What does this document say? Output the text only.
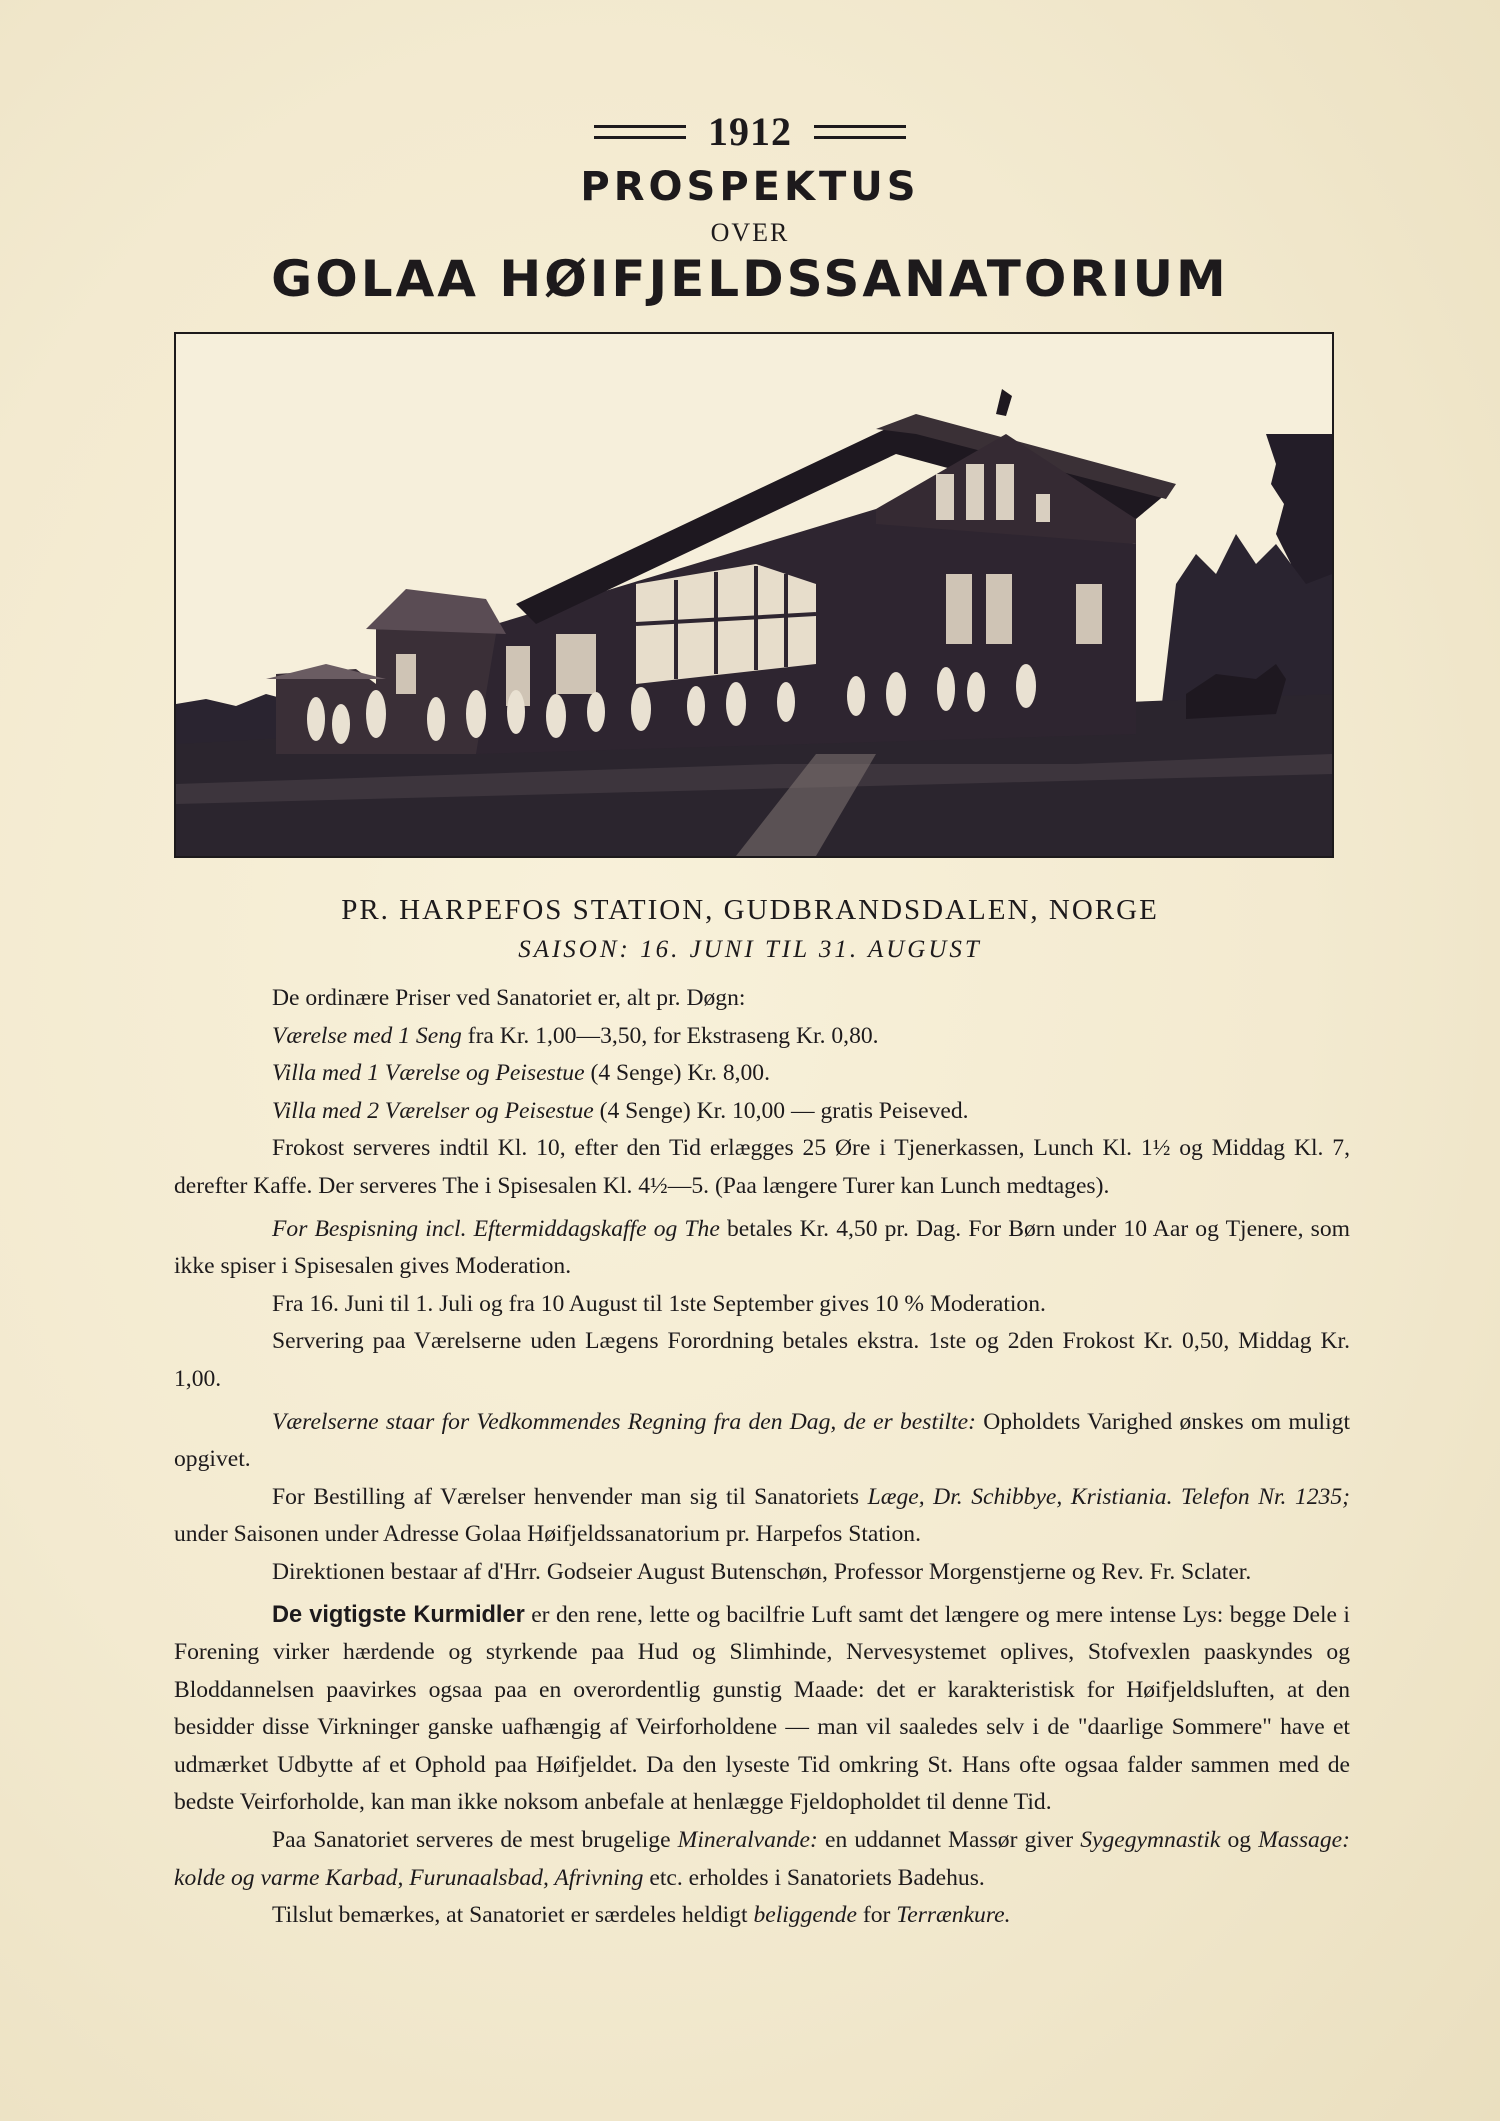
1912
PROSPEKTUS
OVER
GOLAA HØIFJELDSSANATORIUM
PR. HARPEFOS STATION, GUDBRANDSDALEN, NORGE
SAISON: 16. JUNI TIL 31. AUGUST

De ordinære Priser ved Sanatoriet er, alt pr. Døgn:

Værelse med 1 Seng fra Kr. 1,00—3,50, for Ekstraseng Kr. 0,80.

Villa med 1 Værelse og Peisestue (4 Senge) Kr. 8,00.

Villa med 2 Værelser og Peisestue (4 Senge) Kr. 10,00 — gratis Peiseved.

Frokost serveres indtil Kl. 10, efter den Tid erlægges 25 Øre i Tjenerkassen, Lunch Kl. 1½ og Middag Kl. 7, derefter Kaffe. Der serveres The i Spisesalen Kl. 4½—5. (Paa længere Turer kan Lunch medtages).

For Bespisning incl. Eftermiddagskaffe og The betales Kr. 4,50 pr. Dag. For Børn under 10 Aar og Tjenere, som ikke spiser i Spisesalen gives Moderation.

Fra 16. Juni til 1. Juli og fra 10 August til 1ste September gives 10 % Moderation.

Servering paa Værelserne uden Lægens Forordning betales ekstra. 1ste og 2den Frokost Kr. 0,50, Middag Kr. 1,00.

Værelserne staar for Vedkommendes Regning fra den Dag, de er bestilte: Opholdets Varighed ønskes om muligt opgivet.

For Bestilling af Værelser henvender man sig til Sanatoriets Læge, Dr. Schibbye, Kristiania. Telefon Nr. 1235; under Saisonen under Adresse Golaa Høifjeldssanatorium pr. Harpefos Station.

Direktionen bestaar af d'Hrr. Godseier August Butenschøn, Professor Morgenstjerne og Rev. Fr. Sclater.

De vigtigste Kurmidler er den rene, lette og bacilfrie Luft samt det længere og mere intense Lys: begge Dele i Forening virker hærdende og styrkende paa Hud og Slimhinde, Nervesystemet oplives, Stofvexlen paaskyndes og Bloddannelsen paavirkes ogsaa paa en overordentlig gunstig Maade: det er karakteristisk for Høifjeldsluften, at den besidder disse Virkninger ganske uafhængig af Veirforholdene — man vil saaledes selv i de "daarlige Sommere" have et udmærket Udbytte af et Ophold paa Høifjeldet. Da den lyseste Tid omkring St. Hans ofte ogsaa falder sammen med de bedste Veirforholde, kan man ikke noksom anbefale at henlægge Fjeldopholdet til denne Tid.

Paa Sanatoriet serveres de mest brugelige Mineralvande: en uddannet Massør giver Sygegymnastik og Massage: kolde og varme Karbad, Furunaalsbad, Afrivning etc. erholdes i Sanatoriets Badehus.

Tilslut bemærkes, at Sanatoriet er særdeles heldigt beliggende for Terrænkure.
